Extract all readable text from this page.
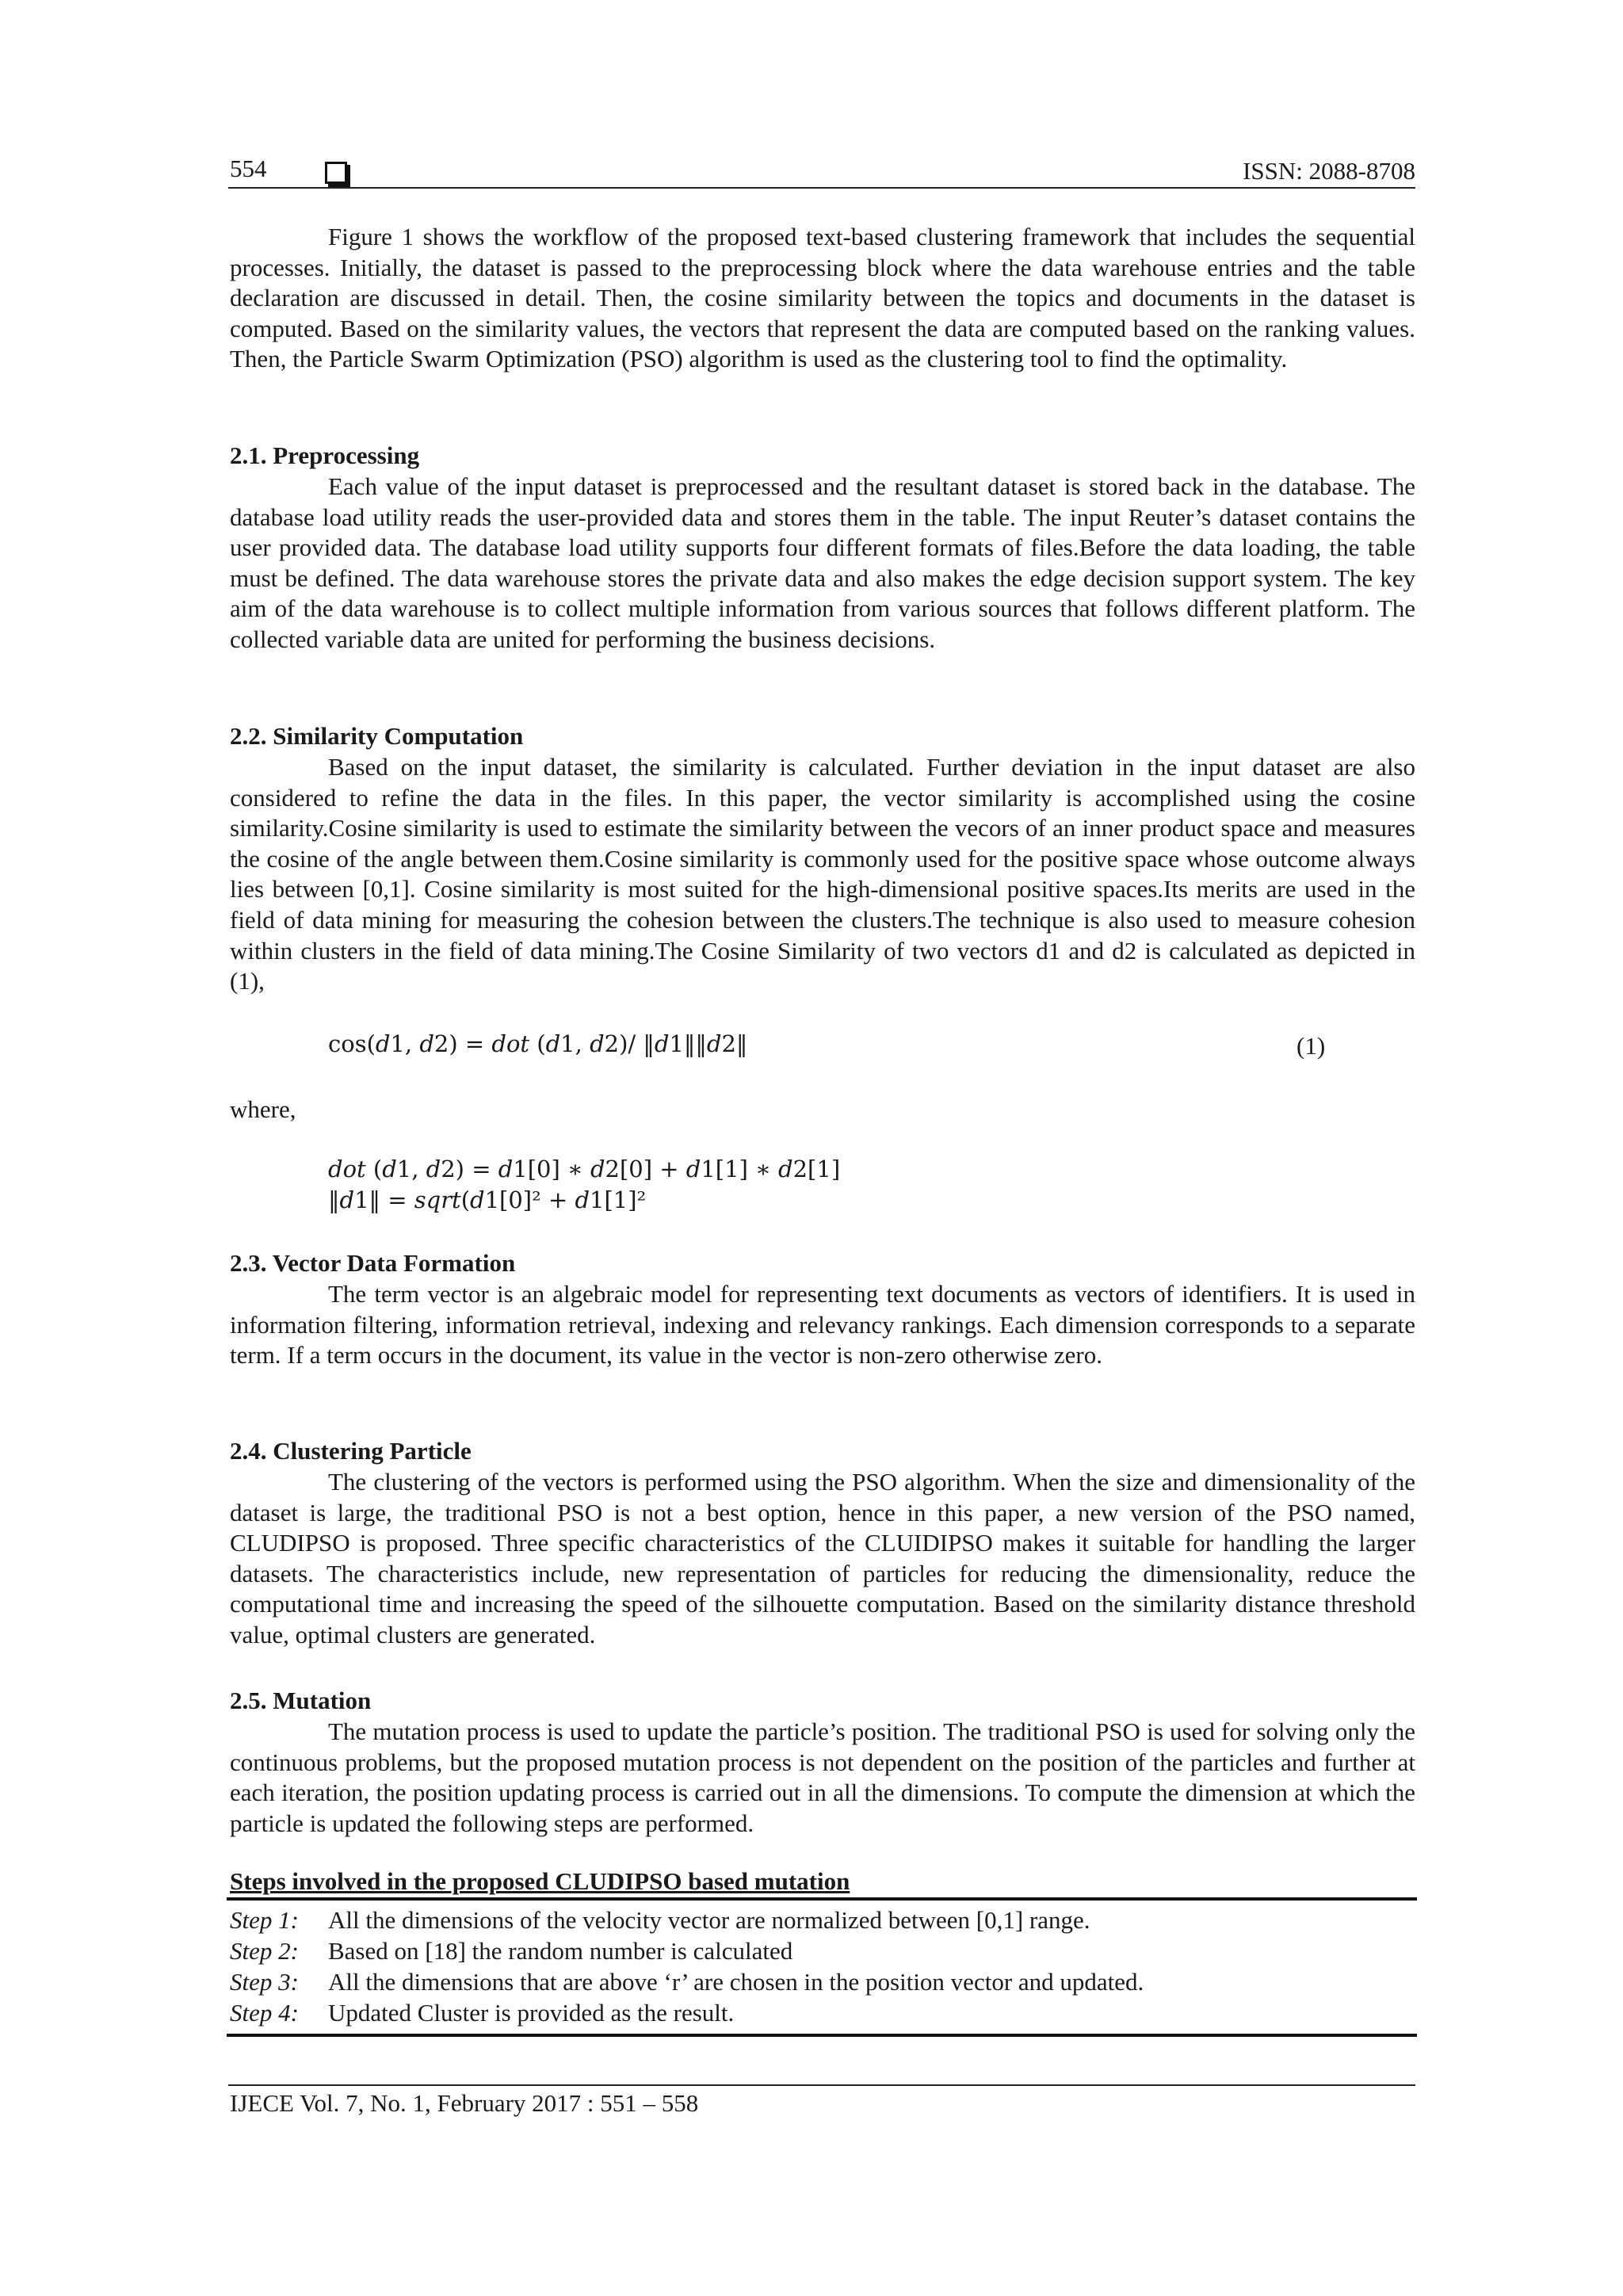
554	ISSN: 2088-8708
Figure 1 shows the workflow of the proposed text-based clustering framework that includes the sequential processes. Initially, the dataset is passed to the preprocessing block where the data warehouse entries and the table declaration are discussed in detail. Then, the cosine similarity between the topics and documents in the dataset is computed. Based on the similarity values, the vectors that represent the data are computed based on the ranking values. Then, the Particle Swarm Optimization (PSO) algorithm is used as the clustering tool to find the optimality.
2.1. Preprocessing
Each value of the input dataset is preprocessed and the resultant dataset is stored back in the database. The database load utility reads the user-provided data and stores them in the table. The input Reuter’s dataset contains the user provided data. The database load utility supports four different formats of files.Before the data loading, the table must be defined. The data warehouse stores the private data and also makes the edge decision support system. The key aim of the data warehouse is to collect multiple information from various sources that follows different platform. The collected variable data are united for performing the business decisions.
2.2. Similarity Computation
Based on the input dataset, the similarity is calculated. Further deviation in the input dataset are also considered to refine the data in the files. In this paper, the vector similarity is accomplished using the cosine similarity.Cosine similarity is used to estimate the similarity between the vecors of an inner product space and measures the cosine of the angle between them.Cosine similarity is commonly used for the positive space whose outcome always lies between [0,1]. Cosine similarity is most suited for the high-dimensional positive spaces.Its merits are used in the field of data mining for measuring the cohesion between the clusters.The technique is also used to measure cohesion within clusters in the field of data mining.The Cosine Similarity of two vectors d1 and d2 is calculated as depicted in (1),
cos(𝑑1, 𝑑2) = 𝑑𝑜𝑡 (𝑑1, 𝑑2)/ ‖𝑑1‖‖𝑑2‖	(1)
where,
𝑑𝑜𝑡 (𝑑1, 𝑑2) = 𝑑1[0] ∗ 𝑑2[0] + 𝑑1[1] ∗ 𝑑2[1]
‖𝑑1‖ = 𝑠𝑞𝑟𝑡(𝑑1[0]² + 𝑑1[1]²
2.3. Vector Data Formation
The term vector is an algebraic model for representing text documents as vectors of identifiers. It is used in information filtering, information retrieval, indexing and relevancy rankings. Each dimension corresponds to a separate term. If a term occurs in the document, its value in the vector is non-zero otherwise zero.
2.4. Clustering Particle
The clustering of the vectors is performed using the PSO algorithm. When the size and dimensionality of the dataset is large, the traditional PSO is not a best option, hence in this paper, a new version of the PSO named, CLUDIPSO is proposed. Three specific characteristics of the CLUIDIPSO makes it suitable for handling the larger datasets. The characteristics include, new representation of particles for reducing the dimensionality, reduce the computational time and increasing the speed of the silhouette computation. Based on the similarity distance threshold value, optimal clusters are generated.
2.5. Mutation
The mutation process is used to update the particle’s position. The traditional PSO is used for solving only the continuous problems, but the proposed mutation process is not dependent on the position of the particles and further at each iteration, the position updating process is carried out in all the dimensions. To compute the dimension at which the particle is updated the following steps are performed.
Steps involved in the proposed CLUDIPSO based mutation
Step 1: All the dimensions of the velocity vector are normalized between [0,1] range.
Step 2: Based on [18] the random number is calculated
Step 3: All the dimensions that are above ‘r’ are chosen in the position vector and updated.
Step 4: Updated Cluster is provided as the result.
IJECE Vol. 7, No. 1, February 2017 : 551 – 558
